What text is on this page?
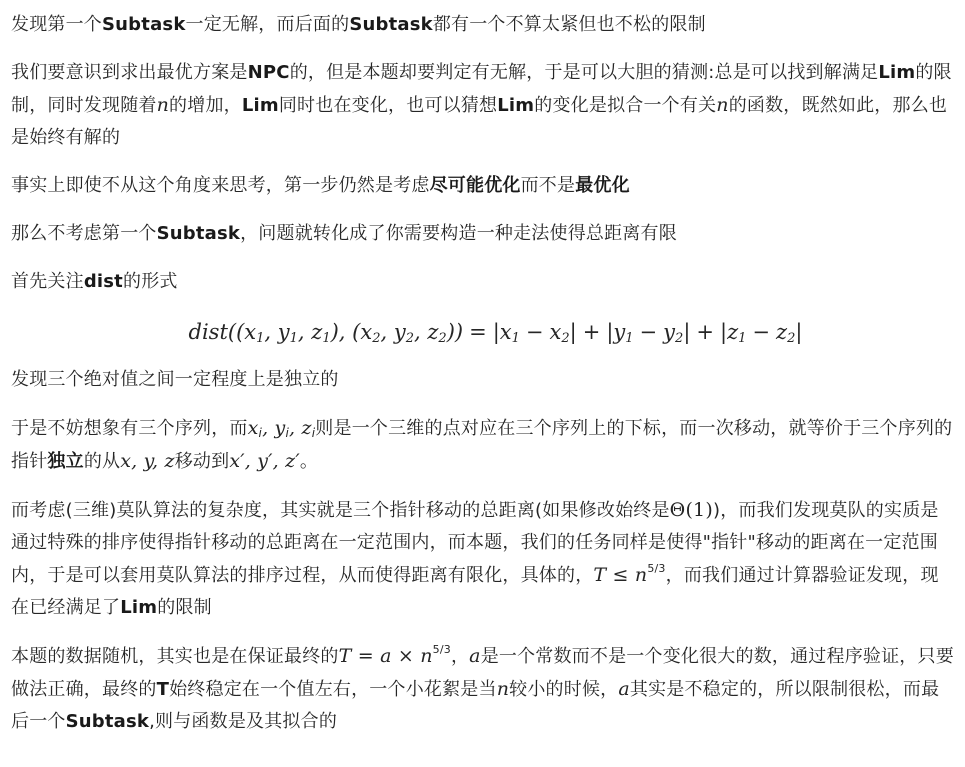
发现第一个Subtask一定无解，而后面的Subtask都有一个不算太紧但也不松的限制

我们要意识到求出最优方案是NPC的，但是本题却要判定有无解，于是可以大胆的猜测:总是可以找到解满足Lim的限制，同时发现随着n的增加，Lim同时也在变化，也可以猜想Lim的变化是拟合一个有关n的函数，既然如此，那么也是始终有解的

事实上即使不从这个角度来思考，第一步仍然是考虑尽可能优化而不是最优化

那么不考虑第一个Subtask，问题就转化成了你需要构造一种走法使得总距离有限

首先关注dist的形式

$dist((x_1$, $y_1$, $z_1$), ($x_2$, $y_2$, $z_2)) = |x_1 - x_2| + |y_1 - y_2| + |z_1 - z_2|$

发现三个绝对值之间一定程度上是独立的

于是不妨想象有三个序列，而$x_i$, $y_i$, $z_i$则是一个三维的点对应在三个序列上的下标，而一次移动，就等价于三个序列的指针独立的从x, y, z移动到x′, y′, z′。

而考虑(三维)莫队算法的复杂度，其实就是三个指针移动的总距离(如果修改始终是Θ(1))，而我们发现莫队的实质是通过特殊的排序使得指针移动的总距离在一定范围内，而本题，我们的任务同样是使得"指针"移动的距离在一定范围内，于是可以套用莫队算法的排序过程，从而使得距离有限化，具体的，$T \le n^{5/3}$，而我们通过计算器验证发现，现在已经满足了Lim的限制

本题的数据随机，其实也是在保证最终的$T = a \times n^{5/3}$，a是一个常数而不是一个变化很大的数，通过程序验证，只要做法正确，最终的T始终稳定在一个值左右，一个小花絮是当n较小的时候，a其实是不稳定的，所以限制很松，而最后一个Subtask,则与函数是及其拟合的
